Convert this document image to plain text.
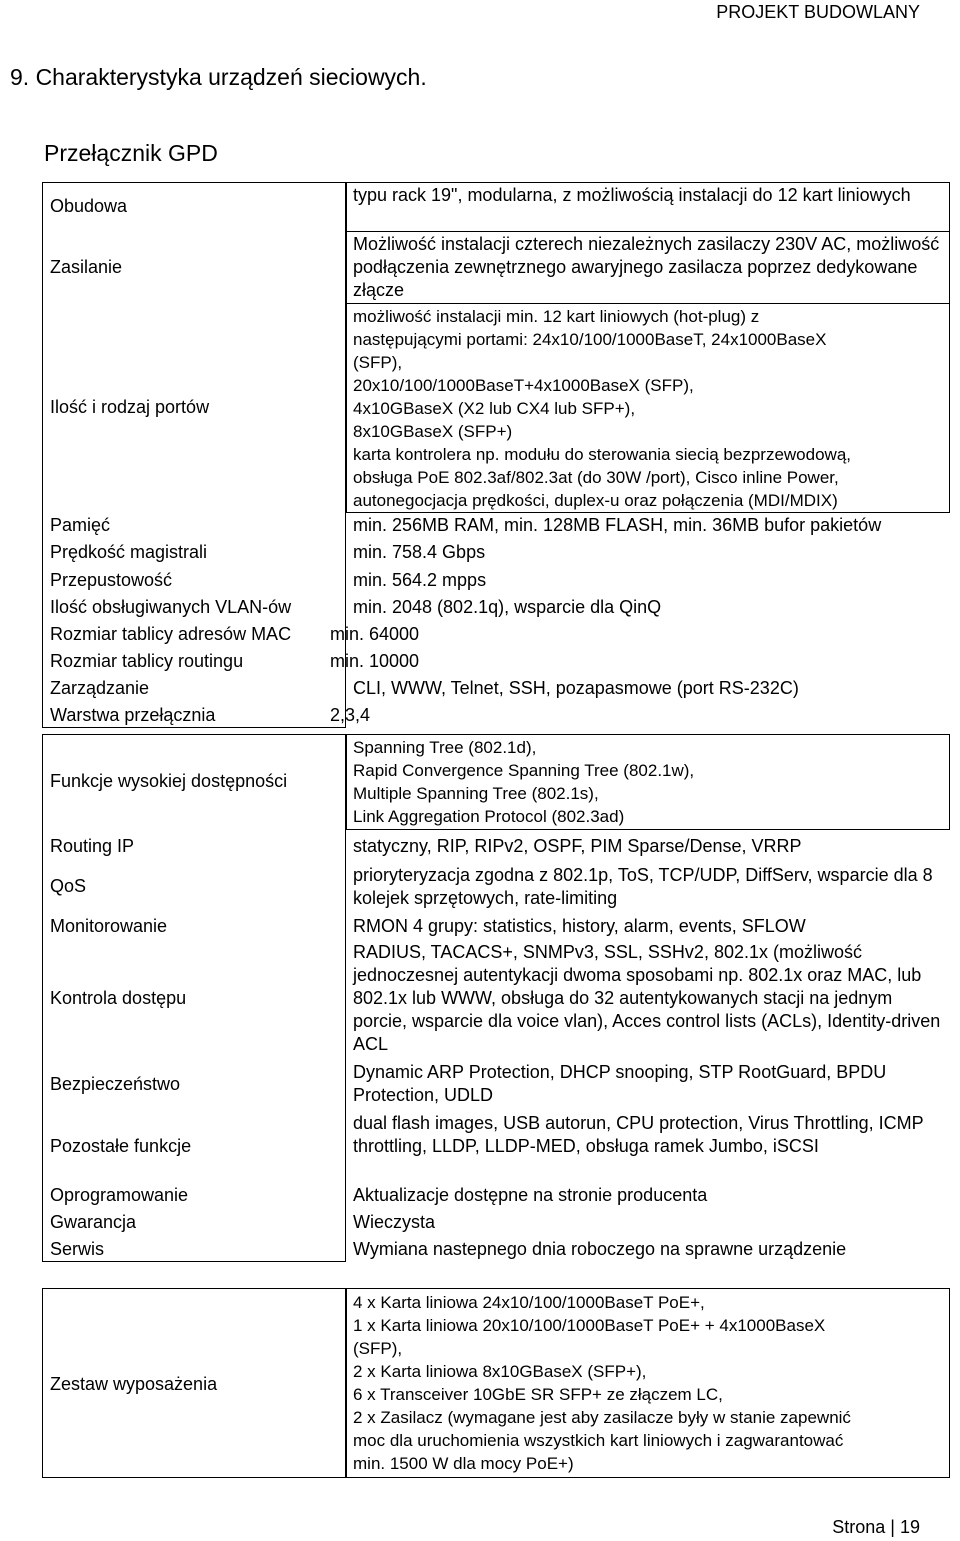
PROJEKT BUDOWLANY
9. Charakterystyka urządzeń sieciowych.
Przełącznik GPD
Obudowa
Zasilanie
Ilość i rodzaj portów
Pamięć
Prędkość magistrali
Przepustowość
Ilość obsługiwanych VLAN-ów
Rozmiar tablicy adresów MAC
Rozmiar tablicy routingu
Zarządzanie
Warstwa przełącznia
Funkcje wysokiej dostępności
Routing IP
QoS
Monitorowanie
Kontrola dostępu
Bezpieczeństwo
Pozostałe funkcje
Oprogramowanie
Gwarancja
Serwis
typu rack 19", modularna, z możliwością instalacji do 12 kart liniowych
Możliwość instalacji czterech niezależnych zasilaczy 230V AC, możliwość podłączenia zewnętrznego awaryjnego zasilacza poprzez dedykowane złącze
możliwość instalacji min. 12 kart liniowych (hot-plug) z
następującymi portami: 24x10/100/1000BaseT, 24x1000BaseX
(SFP),
20x10/100/1000BaseT+4x1000BaseX (SFP),
4x10GBaseX (X2 lub CX4 lub SFP+),
8x10GBaseX (SFP+)
karta kontrolera np. modułu do sterowania siecią bezprzewodową,
obsługa PoE 802.3af/802.3at (do 30W /port), Cisco inline Power,
autonegocjacja prędkości, duplex-u oraz połączenia (MDI/MDIX)
min. 256MB RAM, min. 128MB FLASH, min. 36MB bufor pakietów
min. 758.4 Gbps
min. 564.2 mpps
min. 2048 (802.1q), wsparcie dla QinQ
min. 64000
min. 10000
CLI, WWW, Telnet, SSH, pozapasmowe (port RS-232C)
2,3,4
Spanning Tree (802.1d),
Rapid Convergence Spanning Tree (802.1w),
Multiple Spanning Tree (802.1s),
Link Aggregation Protocol (802.3ad)
statyczny, RIP, RIPv2, OSPF, PIM Sparse/Dense, VRRP
prioryteryzacja zgodna z 802.1p, ToS, TCP/UDP, DiffServ, wsparcie dla 8 kolejek sprzętowych, rate-limiting
RMON 4 grupy: statistics, history, alarm, events, SFLOW
RADIUS, TACACS+, SNMPv3, SSL, SSHv2, 802.1x (możliwość jednoczesnej autentykacji dwoma sposobami np. 802.1x oraz MAC, lub 802.1x lub WWW, obsługa do 32 autentykowanych stacji na jednym porcie, wsparcie dla voice vlan), Acces control lists (ACLs), Identity-driven ACL
Dynamic ARP Protection, DHCP snooping, STP RootGuard, BPDU Protection, UDLD
dual flash images, USB autorun, CPU protection, Virus Throttling, ICMP throttling, LLDP, LLDP-MED, obsługa ramek Jumbo, iSCSI
Aktualizacje dostępne na stronie producenta
Wieczysta
Wymiana nastepnego dnia roboczego na sprawne urządzenie
Zestaw wyposażenia
4 x Karta liniowa 24x10/100/1000BaseT PoE+,
1 x Karta liniowa 20x10/100/1000BaseT PoE+ + 4x1000BaseX
(SFP),
2 x Karta liniowa 8x10GBaseX (SFP+),
6 x Transceiver 10GbE SR SFP+ ze złączem LC,
2 x Zasilacz (wymagane jest aby zasilacze były w stanie zapewnić
moc dla uruchomienia wszystkich kart liniowych i zagwarantować
min. 1500 W dla mocy PoE+)
Strona | 19
